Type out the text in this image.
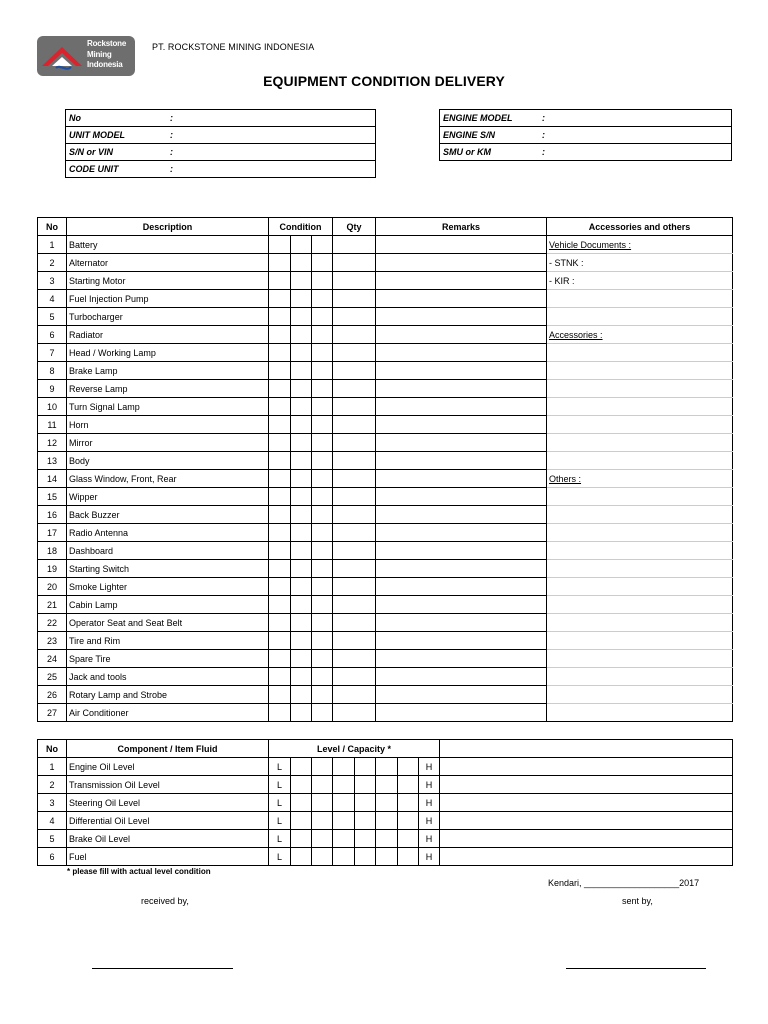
Rockstone
Mining
Indonesia
PT. ROCKSTONE MINING INDONESIA
EQUIPMENT CONDITION DELIVERY
No	:

UNIT MODEL	:

S/N or VIN	:

CODE UNIT	:
ENGINE MODEL	:

ENGINE S/N	:

SMU or KM	:
No	Description	Condition			Qty	Remarks	Accessories and others
1	Battery						Vehicle Documents :
2	Alternator						- STNK :
3	Starting Motor						- KIR :
4	Fuel Injection Pump						
5	Turbocharger						
6	Radiator						Accessories :
7	Head / Working Lamp						
8	Brake Lamp						
9	Reverse Lamp						
10	Turn Signal Lamp						
11	Horn						
12	Mirror						
13	Body						
14	Glass Window, Front, Rear						Others :
15	Wipper						
16	Back Buzzer						
17	Radio Antenna						
18	Dashboard						
19	Starting Switch						
20	Smoke Lighter						
21	Cabin Lamp						
22	Operator Seat and Seat Belt						
23	Tire and Rim						
24	Spare Tire						
25	Jack and tools						
26	Rotary Lamp and Strobe						
27	Air Conditioner						
No	Component / Item Fluid	Level / Capacity *								
1	Engine Oil Level	L							H	
2	Transmission Oil Level	L							H	
3	Steering Oil Level	L							H	
4	Differential Oil Level	L							H	
5	Brake Oil Level	L							H	
6	Fuel	L							H	
* please fill with actual level condition
Kendari, ___________________2017
received by,	sent by,
